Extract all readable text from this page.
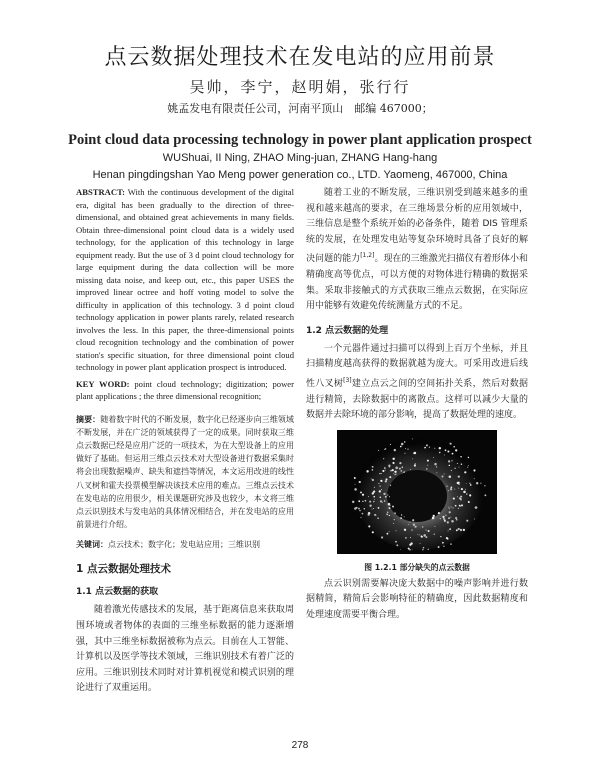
点云数据处理技术在发电站的应用前景
吴帅，李宁，赵明娟，张行行
姚孟发电有限责任公司，河南平顶山　邮编 467000；
Point cloud data processing technology in power plant application prospect
WUShuai, II Ning, ZHAO Ming-juan, ZHANG Hang-hang
Henan pingdingshan Yao Meng power generation co., LTD. Yaomeng, 467000, China

ABSTRACT: With the continuous development of the digital era, digital has been gradually to the direction of three-dimensional, and obtained great achievements in many fields. Obtain three-dimensional point cloud data is a widely used technology, for the application of this technology in large equipment ready. But the use of 3 d point cloud technology for large equipment during the data collection will be more missing data noise, and keep out, etc., this paper USES the improved linear octree and hoff voting model to solve the difficulty in application of this technology. 3 d point cloud technology application in power plants rarely, related research involves the less. In this paper, the three-dimensional points cloud recognition technology and the combination of power station's specific situation, for three dimensional point cloud technology in power plant application prospect is introduced.

KEY WORD: point cloud technology; digitization; power plant applications ; the three dimensional recognition;

摘要：随着数字时代的不断发展，数字化已经逐步向三维领域不断发展，并在广泛的领域获得了一定的成果。同时获取三维点云数据已经是应用广泛的一项技术，为在大型设备上的应用做好了基础。但运用三维点云技术对大型设备进行数据采集时将会出现数据噪声、缺失和遮挡等情况，本文运用改进的线性八叉树和霍夫投票模型解决该技术应用的难点。三维点云技术在发电站的应用很少，相关课题研究涉及也较少，本文将三维点云识别技术与发电站的具体情况相结合，并在发电站的应用前景进行介绍。

关键词：点云技术；数字化；发电站应用；三维识别

1 点云数据处理技术
1.1 点云数据的获取

随着激光传感技术的发展，基于距离信息来获取周围环境或者物体的表面的三维坐标数据的能力逐渐增强，其中三维坐标数据被称为点云。目前在人工智能、计算机以及医学等技术领域，三维识别技术有着广泛的应用。三维识别技术同时对计算机视觉和模式识别的理论进行了双重运用。

随着工业的不断发展，三维识别受到越来越多的重视和越来越高的要求，在三维场景分析的应用领域中，三维信息是整个系统开始的必备条件，随着 DIS 管理系统的发展，在处理发电站等复杂环境时具备了良好的解决问题的能力[1,2]。现在的三维激光扫描仪有着形体小和精确度高等优点，可以方便的对物体进行精确的数据采集。采取非接触式的方式获取三维点云数据，在实际应用中能够有效避免传统测量方式的不足。

1.2 点云数据的处理

一个元器件通过扫描可以得到上百万个坐标，并且扫描精度越高获得的数据就越为庞大。可采用改进后线性八叉树[3]建立点云之间的空间拓扑关系，然后对数据进行精简，去除数据中的离散点。这样可以减少大量的数据并去除环境的部分影响，提高了数据处理的速度。

图 1.2.1 部分缺失的点云数据

点云识别需要解决庞大数据中的噪声影响并进行数据精简，精简后会影响特征的精确度，因此数据精度和处理速度需要平衡合理。

278
